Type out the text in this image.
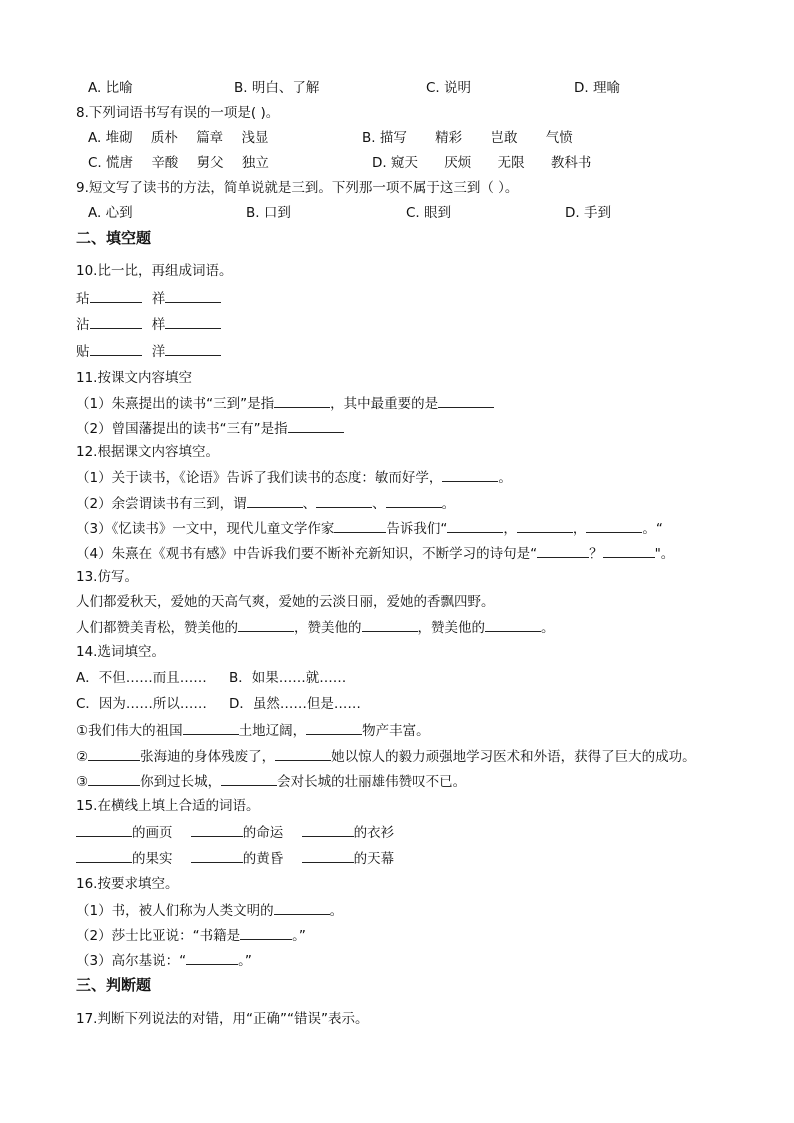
A. 比喻	B. 明白、了解	C. 说明	D. 理喻
8.下列词语书写有误的一项是( )。
A. 堆砌 质朴 篇章 浅显	B. 描写 精彩 岂敢 气愤
C. 慌唐 辛酸 舅父 独立	D. 窥天 厌烦 无限 教科书
9.短文写了读书的方法，简单说就是三到。下列那一项不属于这三到（ ）。
A. 心到	B. 口到	C. 眼到	D. 手到
二、填空题
10.比一比，再组成词语。
玷	祥
沾	样
贴	洋
11.按课文内容填空
（1）朱熹提出的读书“三到”是指	，其中最重要的是
（2）曾国藩提出的读书“三有”是指
12.根据课文内容填空。
（1）关于读书，《论语》告诉了我们读书的态度：敏而好学，	。
（2）余尝谓读书有三到，谓	、	、	。
（3）《忆读书》一文中，现代儿童文学作家	告诉我们“	，	，	。“
（4）朱熹在《观书有感》中告诉我们要不断补充新知识，不断学习的诗句是“	？	"。
13.仿写。
人们都爱秋天，爱她的天高气爽，爱她的云淡日丽，爱她的香飘四野。
人们都赞美青松，赞美他的	，赞美他的	，赞美他的	。
14.选词填空。
A．不但……而且…… B．如果……就……
C．因为……所以…… D．虽然……但是……
①我们伟大的祖国	土地辽阔，	物产丰富。
②	张海迪的身体残废了，	她以惊人的毅力顽强地学习医术和外语，获得了巨大的成功。
③	你到过长城，	会对长城的壮丽雄伟赞叹不已。
15.在横线上填上合适的词语。
的画页	的命运	的衣衫
的果实	的黄昏	的天幕
16.按要求填空。
（1）书，被人们称为人类文明的	。
（2）莎士比亚说：“书籍是	。”
（3）高尔基说：“	。”
三、判断题
17.判断下列说法的对错，用“正确”“错误”表示。
